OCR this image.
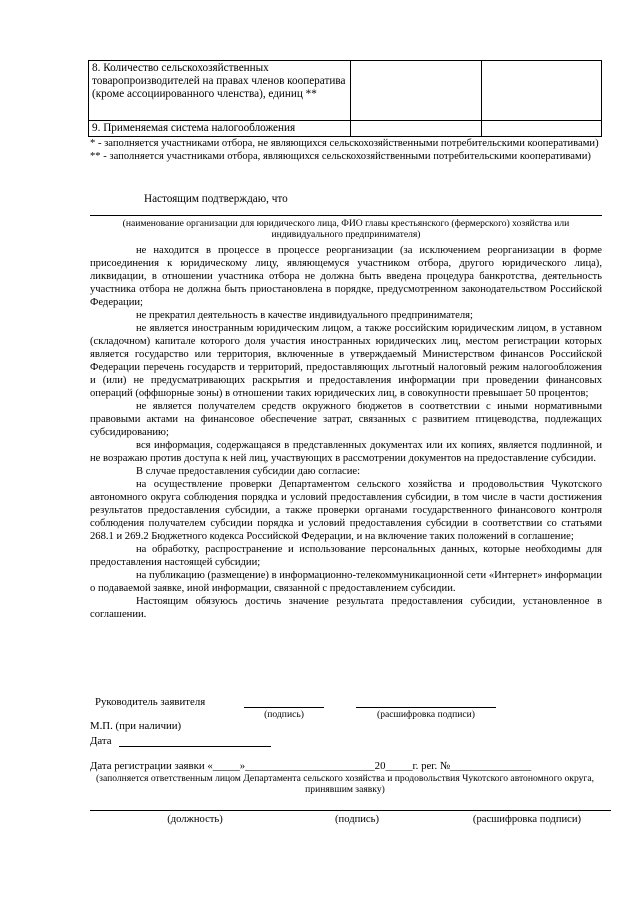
8. Количество сельскохозяйственных товаропроизводителей на правах членов кооператива (кроме ассоциированного членства), единиц **		
9. Применяемая система налогообложения		

* - заполняется участниками отбора, не являющихся сельскохозяйственными потребительскими кооперативами)

** - заполняется участниками отбора, являющихся сельскохозяйственными потребительскими кооперативами)

Настоящим подтверждаю, что
(наименование организации для юридического лица, ФИО главы крестьянского (фермерского) хозяйства или индивидуального предпринимателя)

не находится в процессе в процессе реорганизации (за исключением реорганизации в форме присоединения к юридическому лицу, являющемуся участником отбора, другого юридического лица), ликвидации, в отношении участника отбора не должна быть введена процедура банкротства, деятельность участника отбора не должна быть приостановлена в порядке, предусмотренном законодательством Российской Федерации;

не прекратил деятельность в качестве индивидуального предпринимателя;

не является иностранным юридическим лицом, а также российским юридическим лицом, в уставном (складочном) капитале которого доля участия иностранных юридических лиц, местом регистрации которых является государство или территория, включенные в утверждаемый Министерством финансов Российской Федерации перечень государств и территорий, предоставляющих льготный налоговый режим налогообложения и (или) не предусматривающих раскрытия и предоставления информации при проведении финансовых операций (оффшорные зоны) в отношении таких юридических лиц, в совокупности превышает 50 процентов;

не является получателем средств окружного бюджетов в соответствии с иными нормативными правовыми актами на финансовое обеспечение затрат, связанных с развитием птицеводства, подлежащих субсидированию;

вся информация, содержащаяся в представленных документах или их копиях, является подлинной, и не возражаю против доступа к ней лиц, участвующих в рассмотрении документов на предоставление субсидии.

В случае предоставления субсидии даю согласие:

на осуществление проверки Департаментом сельского хозяйства и продовольствия Чукотского автономного округа соблюдения порядка и условий предоставления субсидии, в том числе в части достижения результатов предоставления субсидии, а также проверки органами государственного финансового контроля соблюдения получателем субсидии порядка и условий предоставления субсидии в соответствии со статьями 268.1 и 269.2 Бюджетного кодекса Российской Федерации, и на включение таких положений в соглашение;

на обработку, распространение и использование персональных данных, которые необходимы для предоставления настоящей субсидии;

на публикацию (размещение) в информационно-телекоммуникационной сети «Интернет» информации о подаваемой заявке, иной информации, связанной с предоставлением субсидии.

Настоящим обязуюсь достичь значение результата предоставления субсидии, установленное в соглашении.

Руководитель заявителя
(подпись)	(расшифровка подписи)
М.П. (при наличии)
Дата
Дата регистрации заявки «_____»________________________20_____г. рег. №_______________
(заполняется ответственным лицом Департамента сельского хозяйства и продовольствия Чукотского автономного округа, принявшим заявку)
(должность)	(подпись)	(расшифровка подписи)
